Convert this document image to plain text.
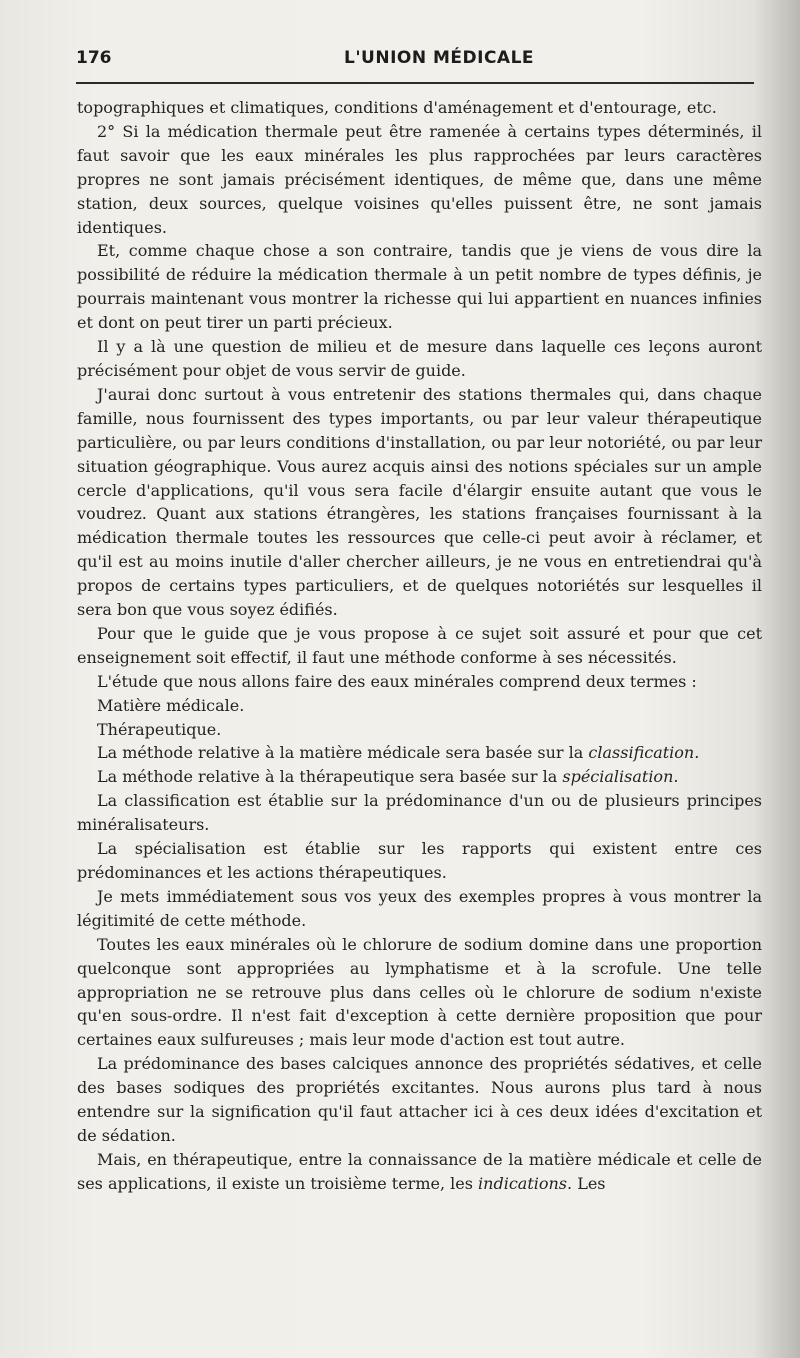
176	L'UNION MÉDICALE

topographiques et climatiques, conditions d'aménagement et d'entourage, etc.

2° Si la médication thermale peut être ramenée à certains types déterminés, il faut savoir que les eaux minérales les plus rapprochées par leurs caractères propres ne sont jamais précisément identiques, de même que, dans une même station, deux sources, quelque voisines qu'elles puissent être, ne sont jamais identiques.

Et, comme chaque chose a son contraire, tandis que je viens de vous dire la possibilité de réduire la médication thermale à un petit nombre de types définis, je pourrais maintenant vous montrer la richesse qui lui appartient en nuances infinies et dont on peut tirer un parti précieux.

Il y a là une question de milieu et de mesure dans laquelle ces leçons auront précisément pour objet de vous servir de guide.

J'aurai donc surtout à vous entretenir des stations thermales qui, dans chaque famille, nous fournissent des types importants, ou par leur valeur thérapeutique particulière, ou par leurs conditions d'installation, ou par leur notoriété, ou par leur situation géographique. Vous aurez acquis ainsi des notions spéciales sur un ample cercle d'applications, qu'il vous sera facile d'élargir ensuite autant que vous le voudrez. Quant aux stations étrangères, les stations françaises fournissant à la médication thermale toutes les ressources que celle-ci peut avoir à réclamer, et qu'il est au moins inutile d'aller chercher ailleurs, je ne vous en entretiendrai qu'à propos de certains types particuliers, et de quelques notoriétés sur lesquelles il sera bon que vous soyez édifiés.

Pour que le guide que je vous propose à ce sujet soit assuré et pour que cet enseignement soit effectif, il faut une méthode conforme à ses nécessités.

L'étude que nous allons faire des eaux minérales comprend deux termes :

Matière médicale.

Thérapeutique.

La méthode relative à la matière médicale sera basée sur la classification.

La méthode relative à la thérapeutique sera basée sur la spécialisation.

La classification est établie sur la prédominance d'un ou de plusieurs principes minéralisateurs.

La spécialisation est établie sur les rapports qui existent entre ces prédominances et les actions thérapeutiques.

Je mets immédiatement sous vos yeux des exemples propres à vous montrer la légitimité de cette méthode.

Toutes les eaux minérales où le chlorure de sodium domine dans une proportion quelconque sont appropriées au lymphatisme et à la scrofule. Une telle appropriation ne se retrouve plus dans celles où le chlorure de sodium n'existe qu'en sous-ordre. Il n'est fait d'exception à cette dernière proposition que pour certaines eaux sulfureuses ; mais leur mode d'action est tout autre.

La prédominance des bases calciques annonce des propriétés sédatives, et celle des bases sodiques des propriétés excitantes. Nous aurons plus tard à nous entendre sur la signification qu'il faut attacher ici à ces deux idées d'excitation et de sédation.

Mais, en thérapeutique, entre la connaissance de la matière médicale et celle de ses applications, il existe un troisième terme, les indications. Les
